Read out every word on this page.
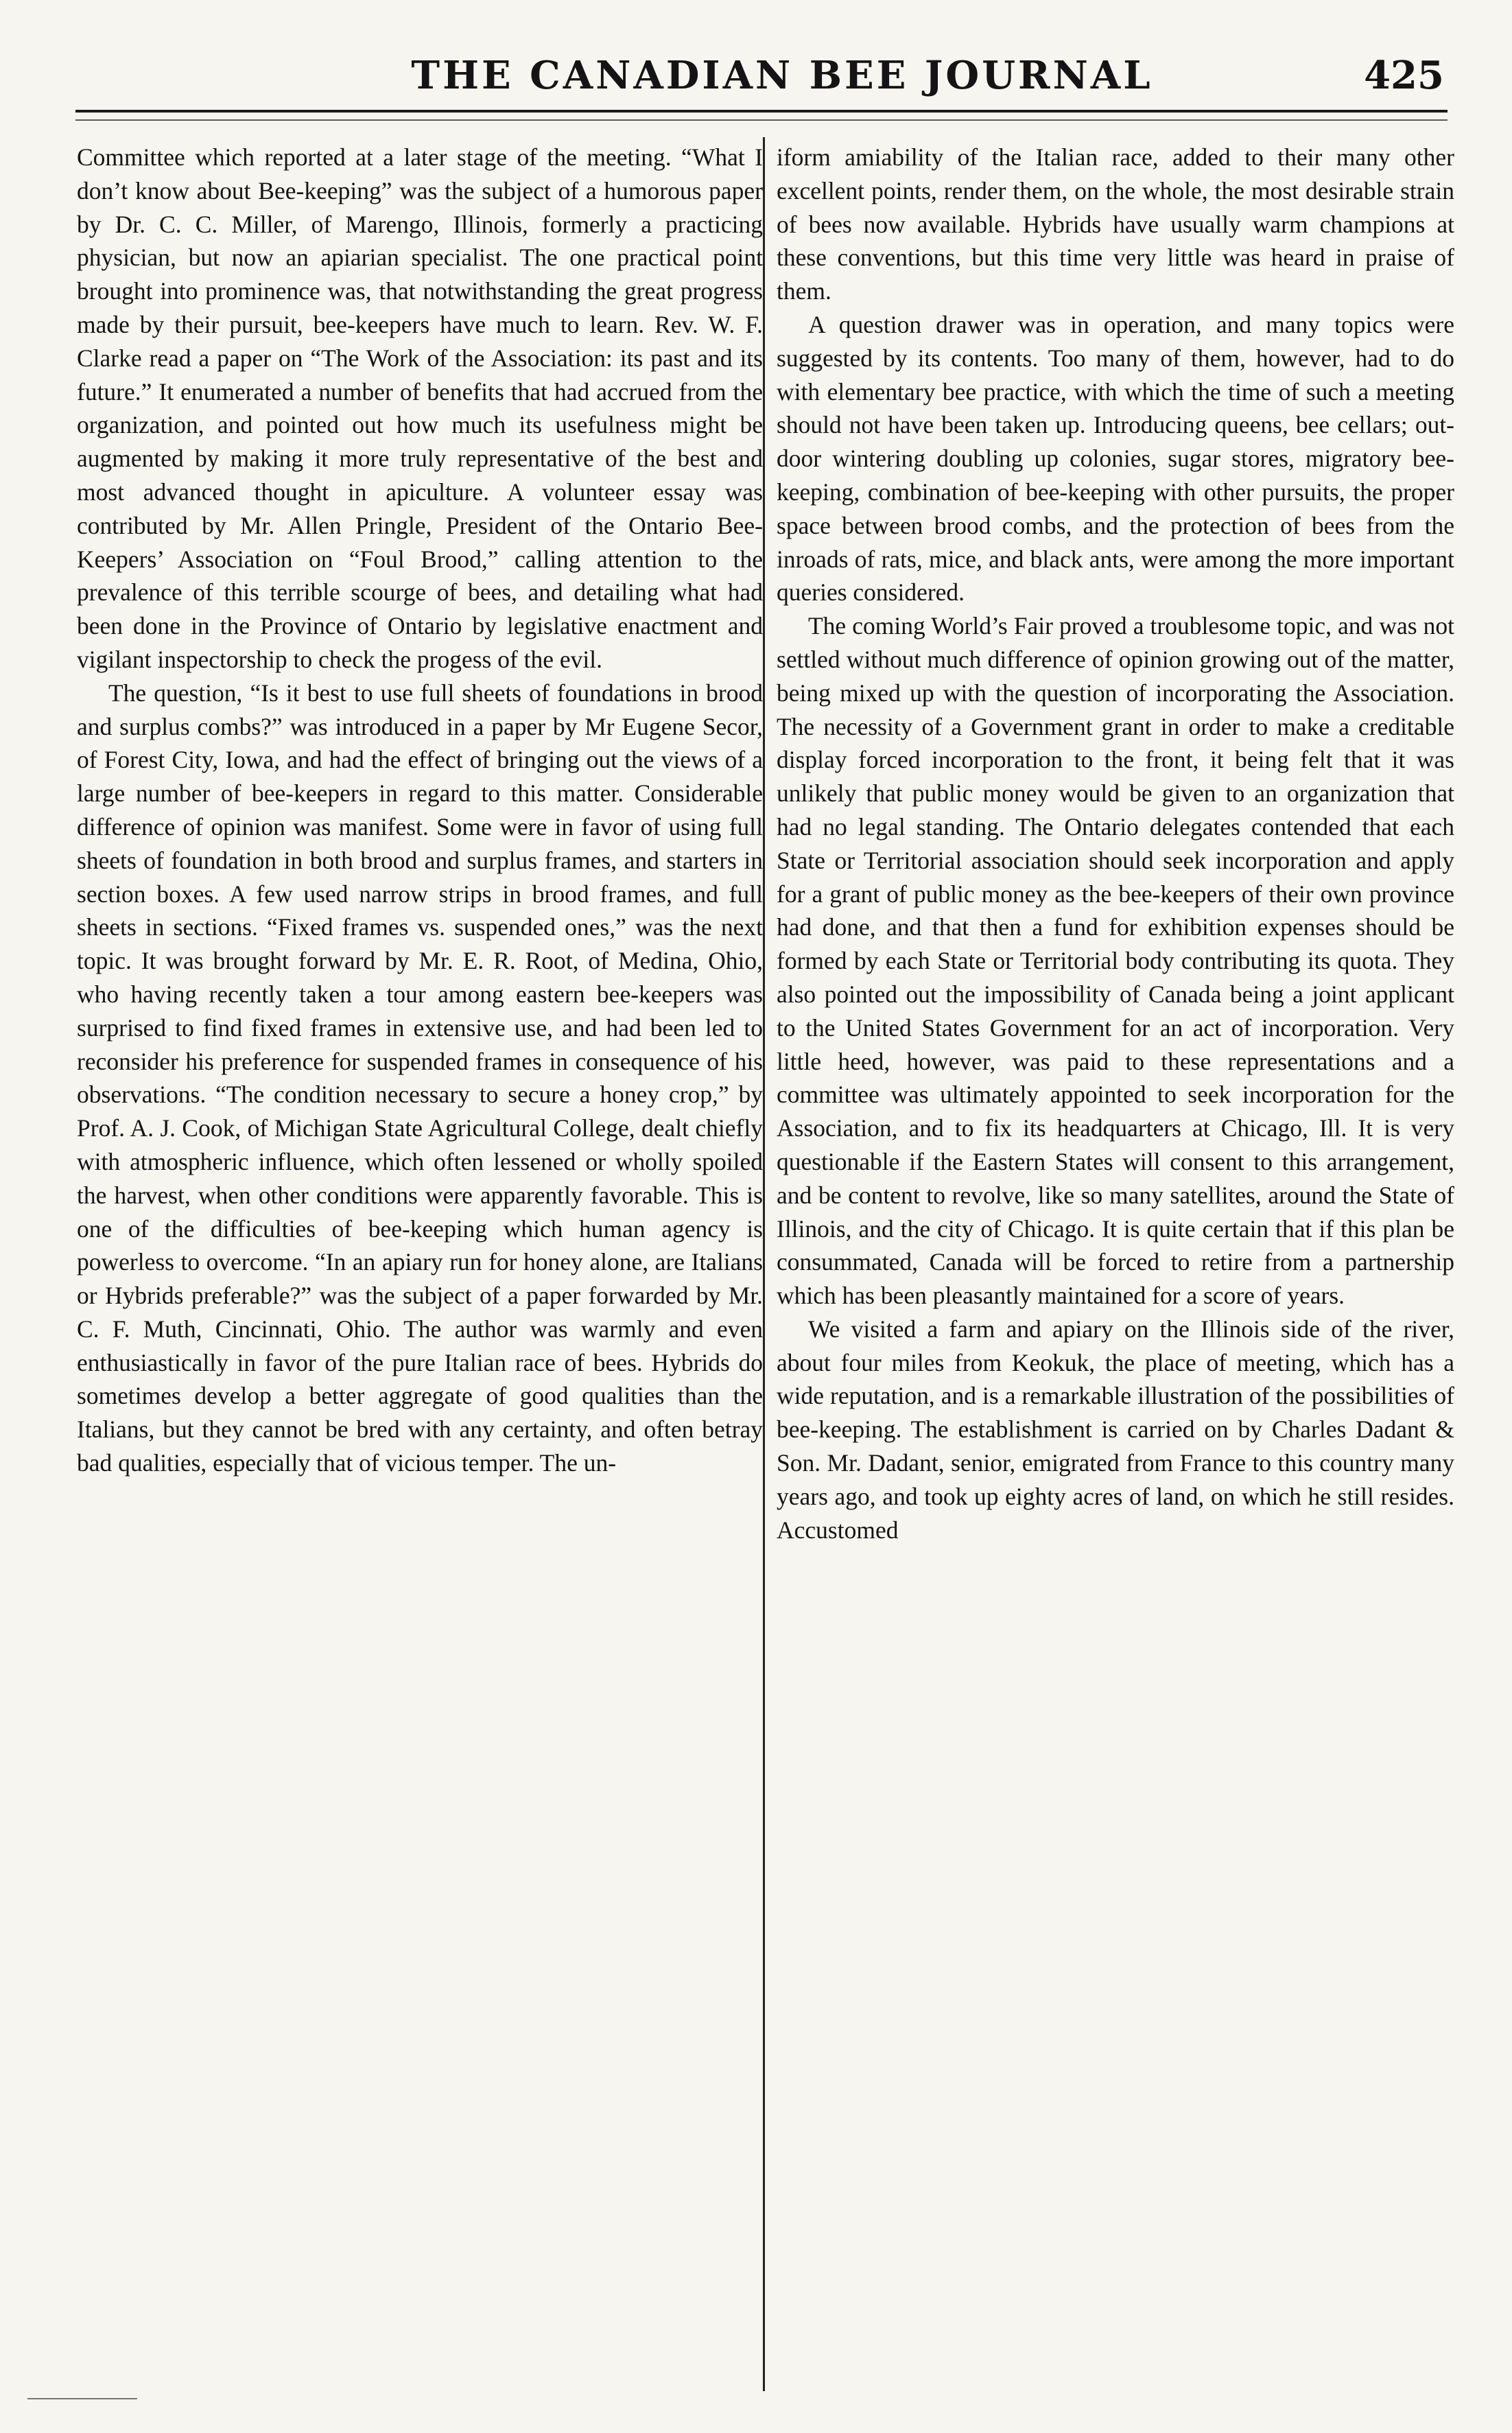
THE CANADIAN BEE JOURNAL	425

Committee which reported at a later stage of the meeting. “What I don’t know about Bee-keeping” was the subject of a humorous paper by Dr. C. C. Miller, of Marengo, Illinois, formerly a practicing physician, but now an apiarian specialist. The one practical point brought into prominence was, that notwithstanding the great progress made by their pursuit, bee-keepers have much to learn. Rev. W. F. Clarke read a paper on “The Work of the Association: its past and its future.” It enumerated a number of benefits that had accrued from the organization, and pointed out how much its usefulness might be augmented by making it more truly representative of the best and most advanced thought in apiculture. A volunteer essay was contributed by Mr. Allen Pringle, President of the Ontario Bee-Keepers’ Association on “Foul Brood,” calling attention to the prevalence of this terrible scourge of bees, and detailing what had been done in the Province of Ontario by legislative enactment and vigilant inspectorship to check the progess of the evil.

The question, “Is it best to use full sheets of foundations in brood and surplus combs?” was introduced in a paper by Mr Eugene Secor, of Forest City, Iowa, and had the effect of bringing out the views of a large number of bee-keepers in regard to this matter. Considerable difference of opinion was manifest. Some were in favor of using full sheets of foundation in both brood and surplus frames, and starters in section boxes. A few used narrow strips in brood frames, and full sheets in sections. “Fixed frames vs. suspended ones,” was the next topic. It was brought forward by Mr. E. R. Root, of Medina, Ohio, who having recently taken a tour among eastern bee-keepers was surprised to find fixed frames in extensive use, and had been led to reconsider his preference for suspended frames in consequence of his observations. “The condition necessary to secure a honey crop,” by Prof. A. J. Cook, of Michigan State Agricultural College, dealt chiefly with atmospheric influence, which often lessened or wholly spoiled the harvest, when other conditions were apparently favorable. This is one of the difficulties of bee-keeping which human agency is powerless to overcome. “In an apiary run for honey alone, are Italians or Hybrids preferable?” was the subject of a paper forwarded by Mr. C. F. Muth, Cincinnati, Ohio. The author was warmly and even enthusiastically in favor of the pure Italian race of bees. Hybrids do sometimes develop a better aggregate of good qualities than the Italians, but they cannot be bred with any certainty, and often betray bad qualities, especially that of vicious temper. The un-

iform amiability of the Italian race, added to their many other excellent points, render them, on the whole, the most desirable strain of bees now available. Hybrids have usually warm champions at these conventions, but this time very little was heard in praise of them.

A question drawer was in operation, and many topics were suggested by its contents. Too many of them, however, had to do with elementary bee practice, with which the time of such a meeting should not have been taken up. Introducing queens, bee cellars; out-door wintering doubling up colonies, sugar stores, migratory bee-keeping, combination of bee-keeping with other pursuits, the proper space between brood combs, and the protection of bees from the inroads of rats, mice, and black ants, were among the more important queries considered.

The coming World’s Fair proved a troublesome topic, and was not settled without much difference of opinion growing out of the matter, being mixed up with the question of incorporating the Association. The necessity of a Government grant in order to make a creditable display forced incorporation to the front, it being felt that it was unlikely that public money would be given to an organization that had no legal standing. The Ontario delegates contended that each State or Territorial association should seek incorporation and apply for a grant of public money as the bee-keepers of their own province had done, and that then a fund for exhibition expenses should be formed by each State or Territorial body contributing its quota. They also pointed out the impossibility of Canada being a joint applicant to the United States Government for an act of incorporation. Very little heed, however, was paid to these representations and a committee was ultimately appointed to seek incorporation for the Association, and to fix its headquarters at Chicago, Ill. It is very questionable if the Eastern States will consent to this arrangement, and be content to revolve, like so many satellites, around the State of Illinois, and the city of Chicago. It is quite certain that if this plan be consummated, Canada will be forced to retire from a partnership which has been pleasantly maintained for a score of years.

We visited a farm and apiary on the Illinois side of the river, about four miles from Keokuk, the place of meeting, which has a wide reputation, and is a remarkable illustration of the possibilities of bee-keeping. The establishment is carried on by Charles Dadant & Son. Mr. Dadant, senior, emigrated from France to this country many years ago, and took up eighty acres of land, on which he still resides. Accustomed
